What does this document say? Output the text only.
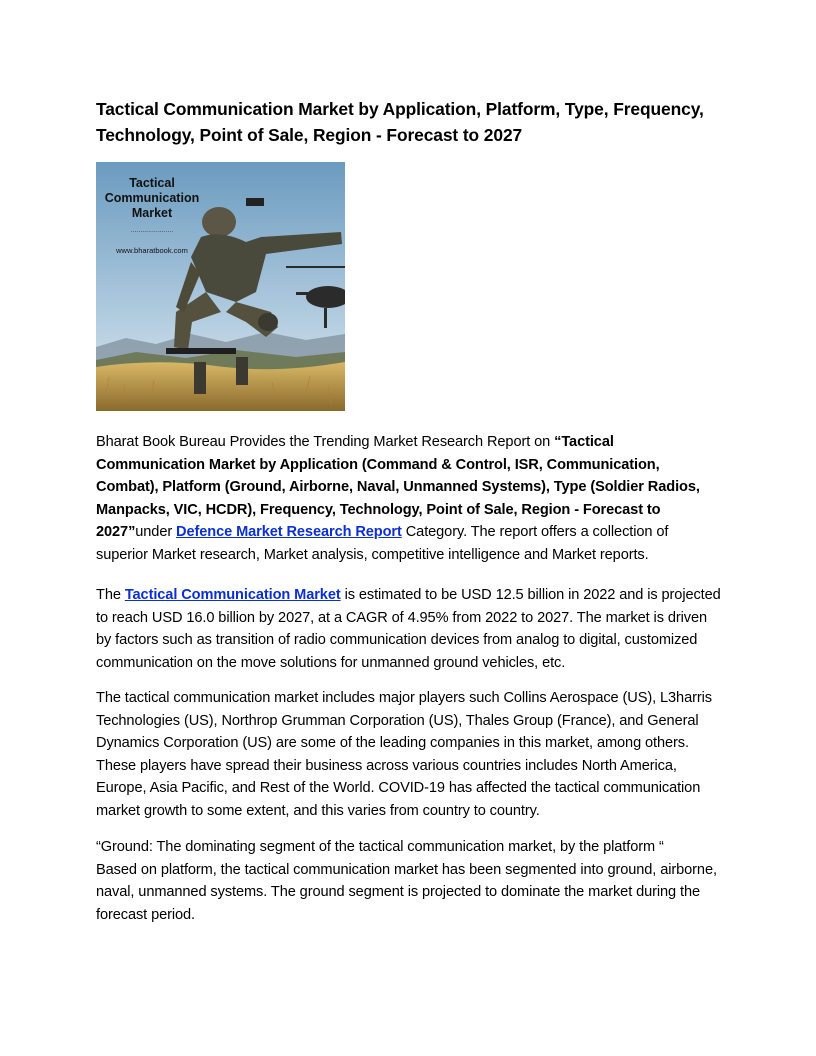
Tactical Communication Market by Application, Platform, Type, Frequency,
Technology, Point of Sale, Region - Forecast to 2027
Tactical
Communication
Market
......................
www.bharatbook.com

Bharat Book Bureau Provides the Trending Market Research Report on “Tactical Communication Market by Application (Command & Control, ISR, Communication, Combat), Platform (Ground, Airborne, Naval, Unmanned Systems), Type (Soldier Radios, Manpacks, VIC, HCDR), Frequency, Technology, Point of Sale, Region - Forecast to 2027”under Defence Market Research Report Category. The report offers a collection of superior Market research, Market analysis, competitive intelligence and Market reports.

The Tactical Communication Market is estimated to be USD 12.5 billion in 2022 and is projected to reach USD 16.0 billion by 2027, at a CAGR of 4.95% from 2022 to 2027. The market is driven by factors such as transition of radio communication devices from analog to digital, customized communication on the move solutions for unmanned ground vehicles, etc.

The tactical communication market includes major players such Collins Aerospace (US), L3harris Technologies (US), Northrop Grumman Corporation (US), Thales Group (France), and General Dynamics Corporation (US) are some of the leading companies in this market, among others. These players have spread their business across various countries includes North America, Europe, Asia Pacific, and Rest of the World. COVID-19 has affected the tactical communication market growth to some extent, and this varies from country to country.

“Ground: The dominating segment of the tactical communication market, by the platform “
Based on platform, the tactical communication market has been segmented into ground, airborne, naval, unmanned systems. The ground segment is projected to dominate the market during the forecast period.
